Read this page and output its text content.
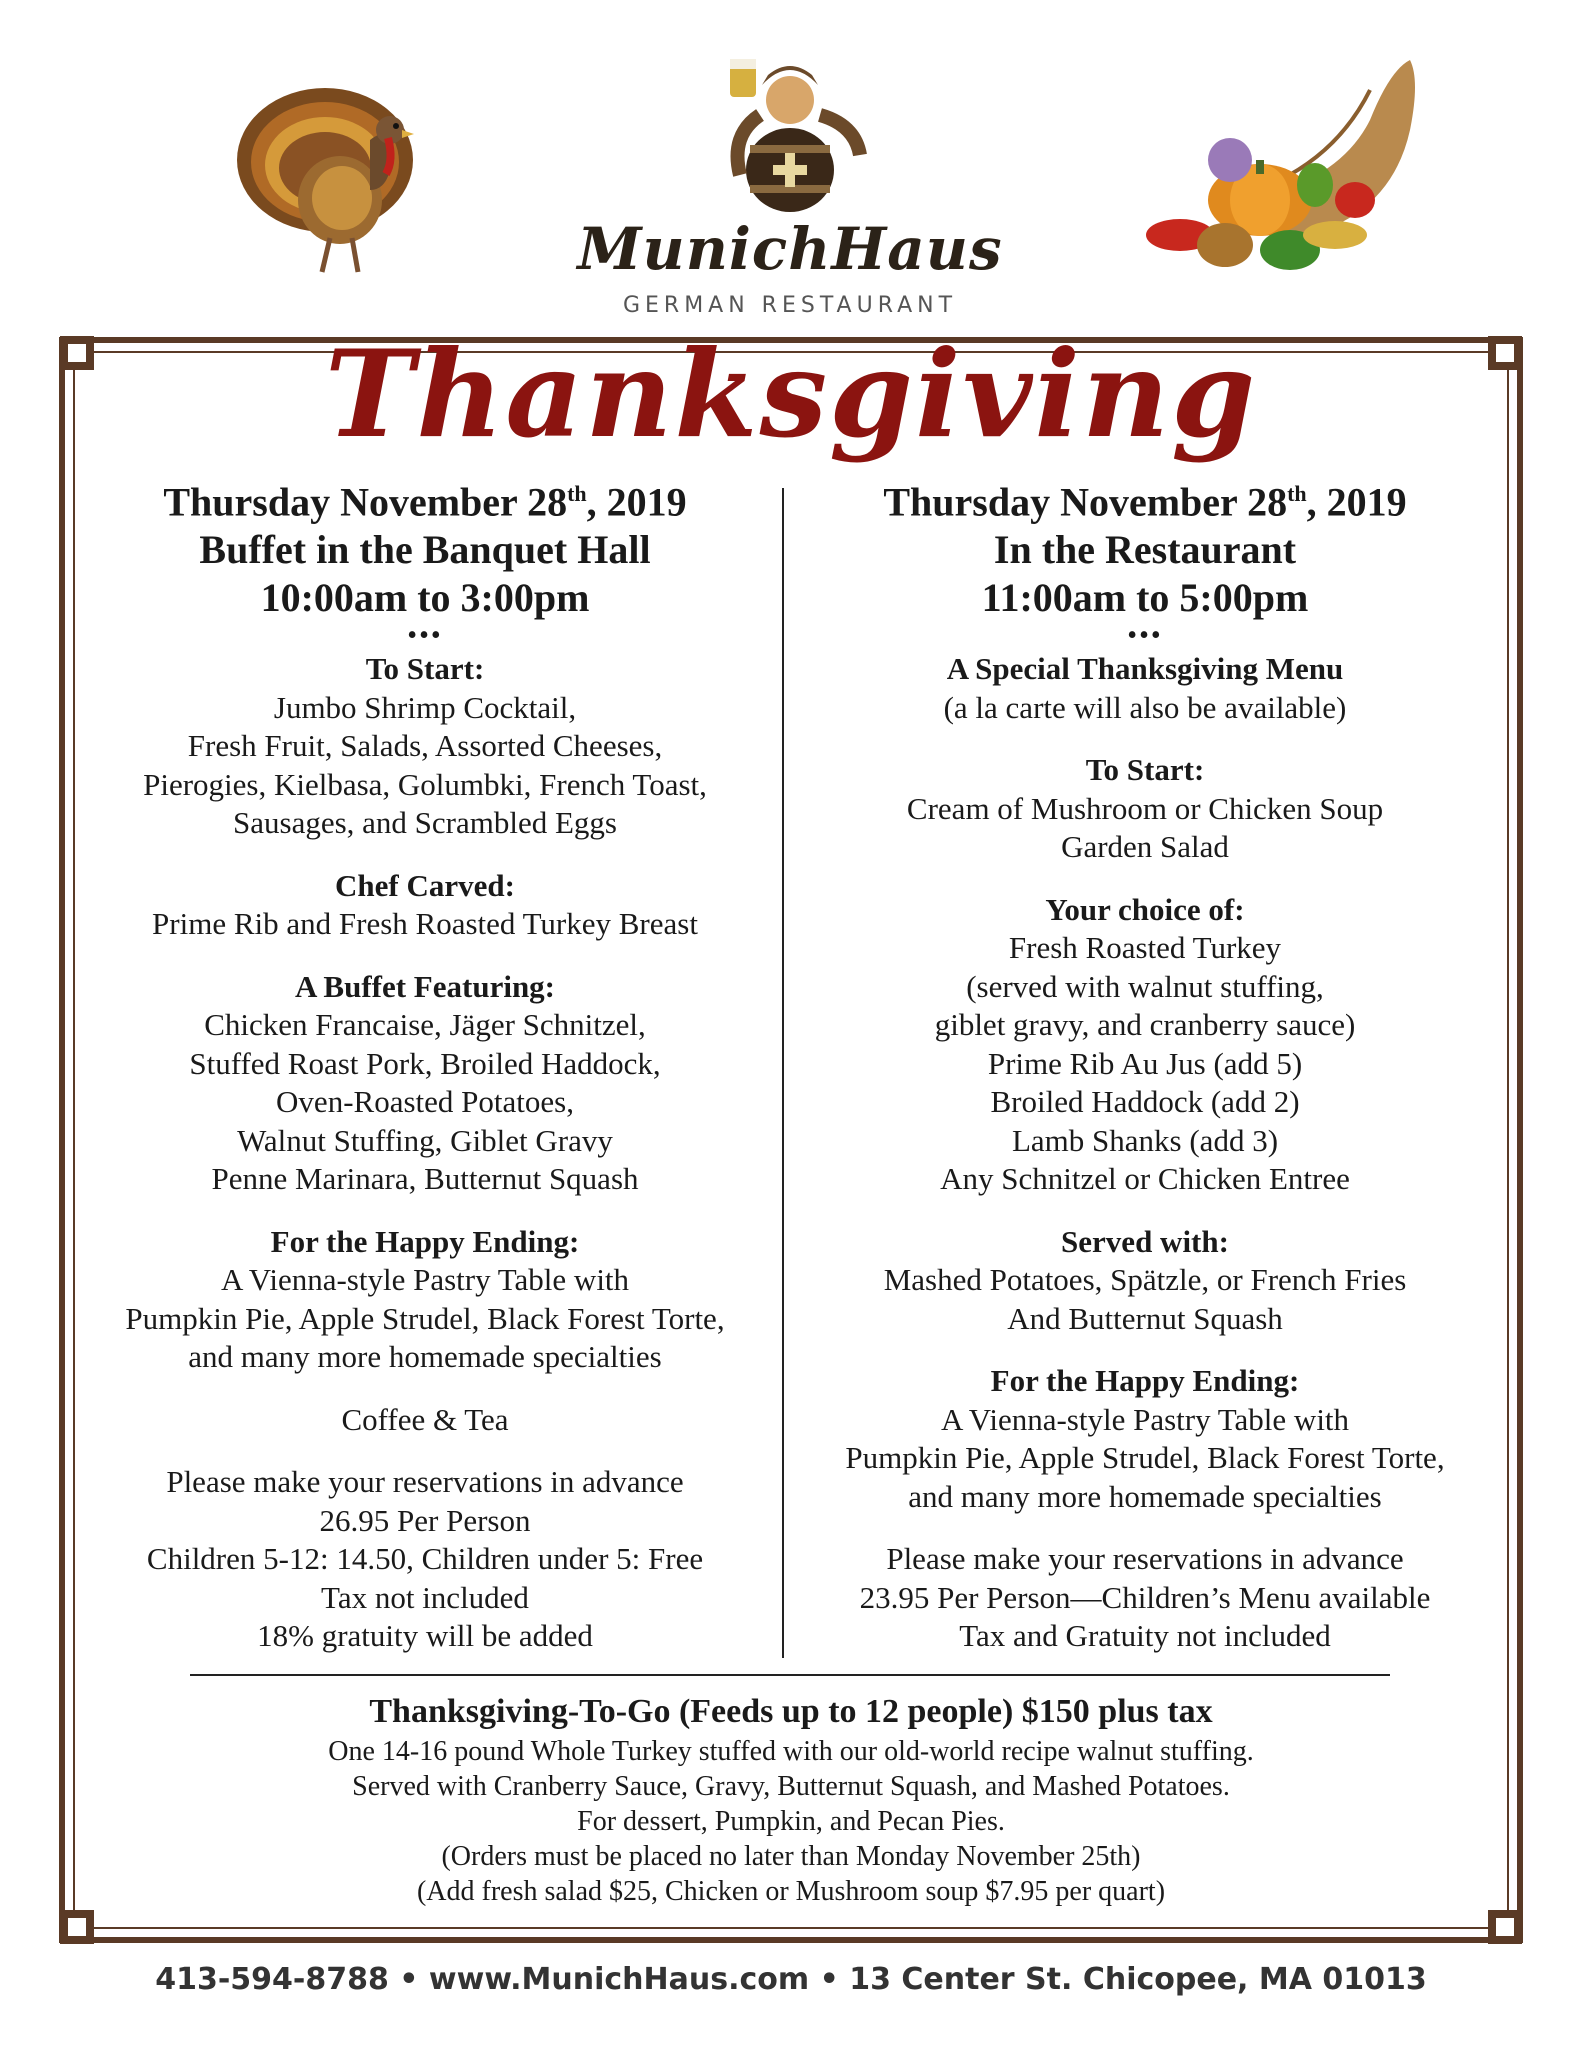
MunichHaus
GERMAN RESTAURANT
Thanksgiving
Thursday November 28th, 2019
Buffet in the Banquet Hall
10:00am to 3:00pm
•••
To Start:
Jumbo Shrimp Cocktail,
Fresh Fruit, Salads, Assorted Cheeses,
Pierogies, Kielbasa, Golumbki, French Toast,
Sausages, and Scrambled Eggs
Chef Carved:
Prime Rib and Fresh Roasted Turkey Breast
A Buffet Featuring:
Chicken Francaise, Jäger Schnitzel,
Stuffed Roast Pork, Broiled Haddock,
Oven-Roasted Potatoes,
Walnut Stuffing, Giblet Gravy
Penne Marinara, Butternut Squash
For the Happy Ending:
A Vienna-style Pastry Table with
Pumpkin Pie, Apple Strudel, Black Forest Torte,
and many more homemade specialties
Coffee & Tea
Please make your reservations in advance
26.95 Per Person
Children 5-12: 14.50, Children under 5: Free
Tax not included
18% gratuity will be added
Thursday November 28th, 2019
In the Restaurant
11:00am to 5:00pm
•••
A Special Thanksgiving Menu
(a la carte will also be available)
To Start:
Cream of Mushroom or Chicken Soup
Garden Salad
Your choice of:
Fresh Roasted Turkey
(served with walnut stuffing,
giblet gravy, and cranberry sauce)
Prime Rib Au Jus (add 5)
Broiled Haddock (add 2)
Lamb Shanks (add 3)
Any Schnitzel or Chicken Entree
Served with:
Mashed Potatoes, Spätzle, or French Fries
And Butternut Squash
For the Happy Ending:
A Vienna-style Pastry Table with
Pumpkin Pie, Apple Strudel, Black Forest Torte,
and many more homemade specialties
Please make your reservations in advance
23.95 Per Person—Children’s Menu available
Tax and Gratuity not included
Thanksgiving-To-Go (Feeds up to 12 people) $150 plus tax
One 14-16 pound Whole Turkey stuffed with our old-world recipe walnut stuffing.
Served with Cranberry Sauce, Gravy, Butternut Squash, and Mashed Potatoes.
For dessert, Pumpkin, and Pecan Pies.
(Orders must be placed no later than Monday November 25th)
(Add fresh salad $25, Chicken or Mushroom soup $7.95 per quart)
413-594-8788 • www.MunichHaus.com • 13 Center St. Chicopee, MA 01013
